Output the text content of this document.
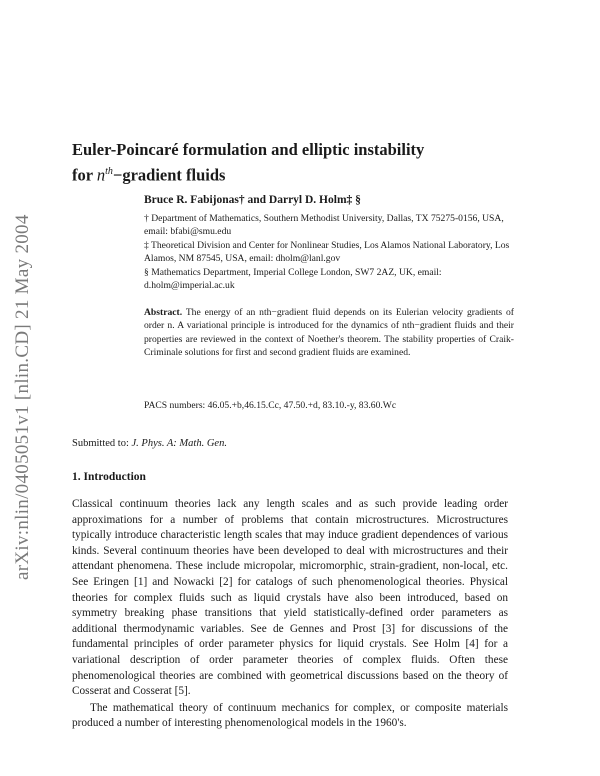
arXiv:nlin/0405051v1 [nlin.CD] 21 May 2004
Euler-Poincaré formulation and elliptic instability
for $n^{th}-gradient$ fluids
Bruce R. Fabijonas† and Darryl D. Holm‡ §

† Department of Mathematics, Southern Methodist University, Dallas, TX 75275-0156, USA, email: bfabi@smu.edu

‡ Theoretical Division and Center for Nonlinear Studies, Los Alamos National Laboratory, Los Alamos, NM 87545, USA, email: dholm@lanl.gov

§ Mathematics Department, Imperial College London, SW7 2AZ, UK, email: d.holm@imperial.ac.uk

Abstract. The energy of an nth−gradient fluid depends on its Eulerian velocity gradients of order n. A variational principle is introduced for the dynamics of nth−gradient fluids and their properties are reviewed in the context of Noether's theorem. The stability properties of Craik-Criminale solutions for first and second gradient fluids are examined.
PACS numbers: 46.05.+b,46.15.Cc, 47.50.+d, 83.10.-y, 83.60.Wc
Submitted to: J. Phys. A: Math. Gen.
1. Introduction

Classical continuum theories lack any length scales and as such provide leading order approximations for a number of problems that contain microstructures. Microstructures typically introduce characteristic length scales that may induce gradient dependences of various kinds. Several continuum theories have been developed to deal with microstructures and their attendant phenomena. These include micropolar, micromorphic, strain-gradient, non-local, etc. See Eringen [1] and Nowacki [2] for catalogs of such phenomenological theories. Physical theories for complex fluids such as liquid crystals have also been introduced, based on symmetry breaking phase transitions that yield statistically-defined order parameters as additional thermodynamic variables. See de Gennes and Prost [3] for discussions of the fundamental principles of order parameter physics for liquid crystals. See Holm [4] for a variational description of order parameter theories of complex fluids. Often these phenomenological theories are combined with geometrical discussions based on the theory of Cosserat and Cosserat [5].

The mathematical theory of continuum mechanics for complex, or composite materials produced a number of interesting phenomenological models in the 1960's.
